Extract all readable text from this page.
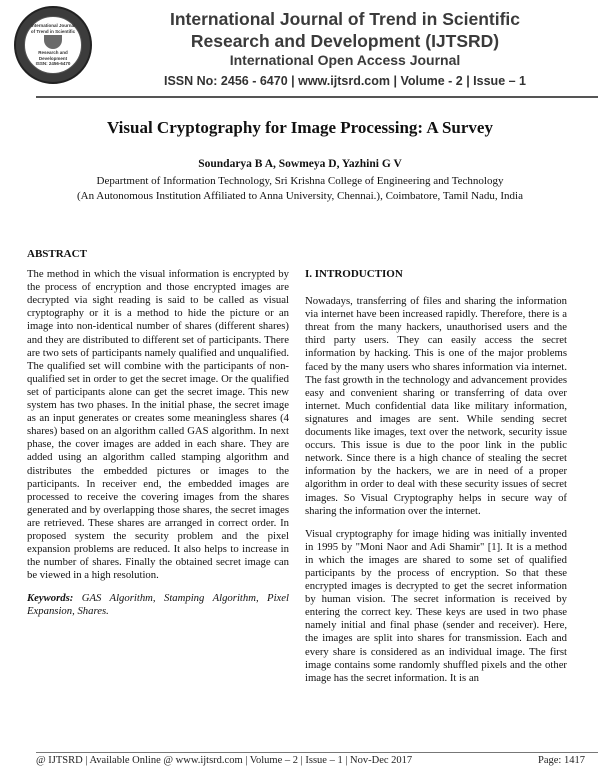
International Journal
of Trend in Scientific
Research and
Development
ISSN: 2456-6470
International Journal of Trend in Scientific
Research and Development (IJTSRD)
International Open Access Journal
ISSN No: 2456 - 6470 | www.ijtsrd.com | Volume - 2 | Issue – 1
Visual Cryptography for Image Processing: A Survey
Soundarya B A, Sowmeya D, Yazhini G V
Department of Information Technology, Sri Krishna College of Engineering and Technology
(An Autonomous Institution Affiliated to Anna University, Chennai.), Coimbatore, Tamil Nadu, India
ABSTRACT

The method in which the visual information is encrypted by the process of encryption and those encrypted images are decrypted via sight reading is said to be called as visual cryptography or it is a method to hide the picture or an image into non-identical number of shares (different shares) and they are distributed to different set of participants. There are two sets of participants namely qualified and unqualified. The qualified set will combine with the participants of non-qualified set in order to get the secret image. Or the qualified set of participants alone can get the secret image. This new system has two phases. In the initial phase, the secret image as an input generates or creates some meaningless shares (4 shares) based on an algorithm called GAS algorithm. In next phase, the cover images are added in each share. They are added using an algorithm called stamping algorithm and distributes the embedded pictures or images to the participants. In receiver end, the embedded images are processed to receive the covering images from the shares generated and by overlapping those shares, the secret images are retrieved. These shares are arranged in correct order. In proposed system the security problem and the pixel expansion problems are reduced. It also helps to increase in the number of shares. Finally the obtained secret image can be viewed in a high resolution.

Keywords: GAS Algorithm, Stamping Algorithm, Pixel Expansion, Shares.

I. INTRODUCTION

Nowadays, transferring of files and sharing the information via internet have been increased rapidly. Therefore, there is a threat from the many hackers, unauthorised users and the third party users. They can easily access the secret information by hacking. This is one of the major problems faced by the many users who shares information via internet. The fast growth in the technology and advancement provides easy and convenient sharing or transferring of data over internet. Much confidential data like military information, signatures and images are sent. While sending secret documents like images, text over the network, security issue occurs. This issue is due to the poor link in the public network. Since there is a high chance of stealing the secret information by the hackers, we are in need of a proper algorithm in order to deal with these security issues of secret images. So Visual Cryptography helps in secure way of sharing the information over the internet.

Visual cryptography for image hiding was initially invented in 1995 by "Moni Naor and Adi Shamir" [1]. It is a method in which the images are shared to some set of qualified participants by the process of encryption. So that these encrypted images is decrypted to get the secret information by human vision. The secret information is received by entering the correct key. These keys are used in two phase namely initial and final phase (sender and receiver). Here, the images are split into shares for transmission. Each and every share is considered as an individual image. The first image contains some randomly shuffled pixels and the other image has the secret information. It is an

@ IJTSRD | Available Online @ www.ijtsrd.com | Volume – 2 | Issue – 1 | Nov-Dec 2017	Page: 1417
